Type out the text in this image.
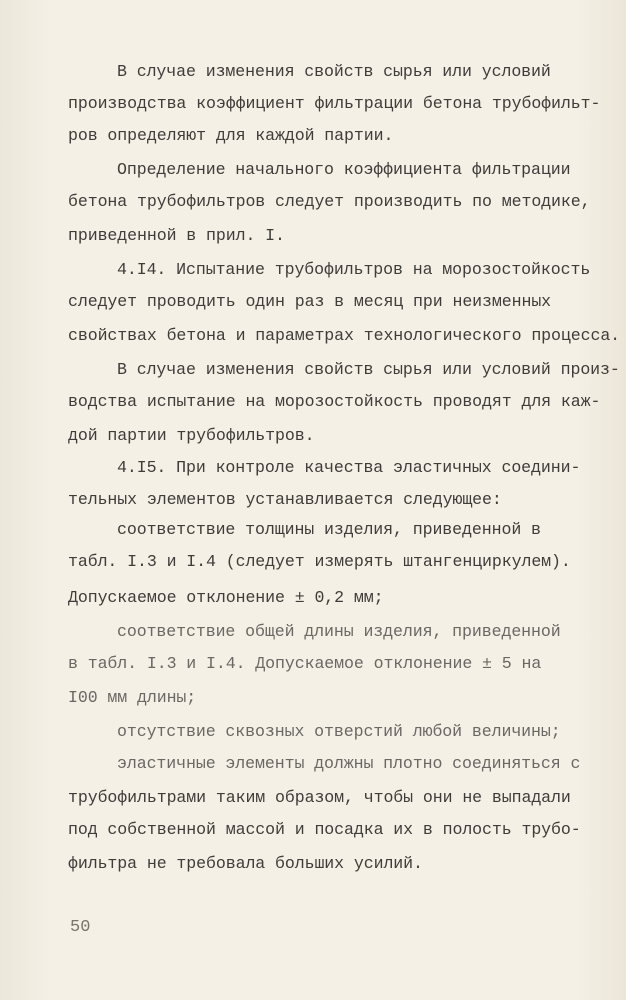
В случае изменения свойств сырья или условий
производства коэффициент фильтрации бетона трубофильт-
ров определяют для каждой партии.
Определение начального коэффициента фильтрации
бетона трубофильтров следует производить по методике,
приведенной в прил. I.
4.I4. Испытание трубофильтров на морозостойкость
следует проводить один раз в месяц при неизменных
свойствах бетона и параметрах технологического процесса.
В случае изменения свойств сырья или условий произ-
водства испытание на морозостойкость проводят для каж-
дой партии трубофильтров.
4.I5. При контроле качества эластичных соедини-
тельных элементов устанавливается следующее:
соответствие толщины изделия, приведенной в
табл. I.3 и I.4 (следует измерять штангенциркулем).
Допускаемое отклонение ± 0,2 мм;
соответствие общей длины изделия, приведенной
в табл. I.3 и I.4. Допускаемое отклонение ± 5 на
I00 мм длины;
отсутствие сквозных отверстий любой величины;
эластичные элементы должны плотно соединяться с
трубофильтрами таким образом, чтобы они не выпадали
под собственной массой и посадка их в полость трубо-
фильтра не требовала больших усилий.
50
